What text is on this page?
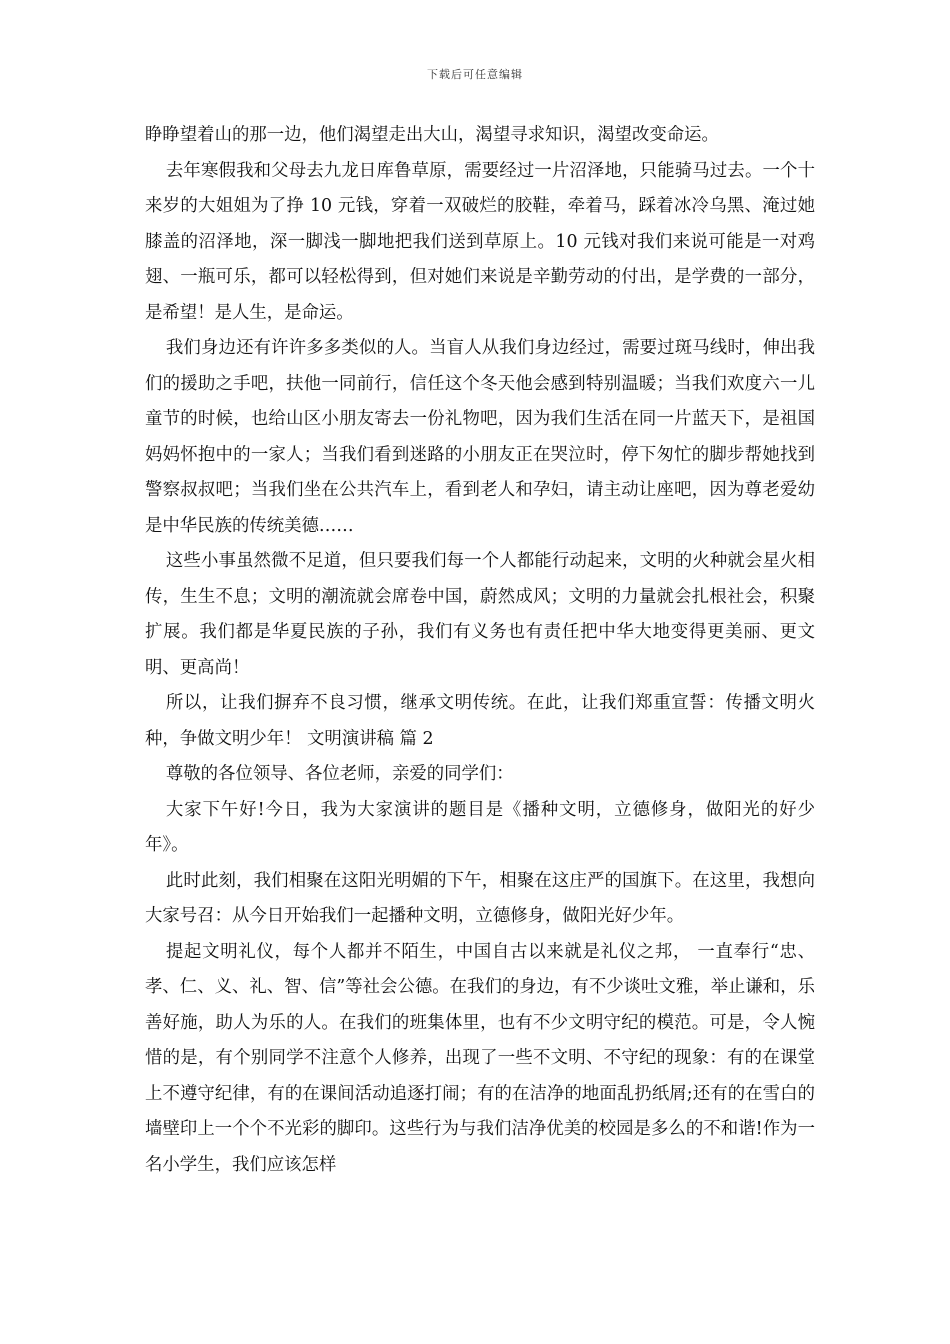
下载后可任意编辑

睁睁望着山的那一边，他们渴望走出大山，渴望寻求知识，渴望改变命运。

去年寒假我和父母去九龙日库鲁草原，需要经过一片沼泽地，只能骑马过去。一个十来岁的大姐姐为了挣 10 元钱，穿着一双破烂的胶鞋，牵着马，踩着冰冷乌黑、淹过她膝盖的沼泽地，深一脚浅一脚地把我们送到草原上。10 元钱对我们来说可能是一对鸡翅、一瓶可乐，都可以轻松得到，但对她们来说是辛勤劳动的付出，是学费的一部分，是希望！是人生，是命运。

我们身边还有许许多多类似的人。当盲人从我们身边经过，需要过斑马线时，伸出我们的援助之手吧，扶他一同前行，信任这个冬天他会感到特别温暖；当我们欢度六一儿童节的时候，也给山区小朋友寄去一份礼物吧，因为我们生活在同一片蓝天下，是祖国妈妈怀抱中的一家人；当我们看到迷路的小朋友正在哭泣时，停下匆忙的脚步帮她找到警察叔叔吧；当我们坐在公共汽车上，看到老人和孕妇，请主动让座吧，因为尊老爱幼是中华民族的传统美德……

这些小事虽然微不足道，但只要我们每一个人都能行动起来，文明的火种就会星火相传，生生不息；文明的潮流就会席卷中国，蔚然成风；文明的力量就会扎根社会，积聚扩展。我们都是华夏民族的子孙，我们有义务也有责任把中华大地变得更美丽、更文明、更高尚！

所以，让我们摒弃不良习惯，继承文明传统。在此，让我们郑重宣誓：传播文明火种，争做文明少年！ 文明演讲稿 篇 2

尊敬的各位领导、各位老师，亲爱的同学们：

大家下午好!今日，我为大家演讲的题目是《播种文明，立德修身，做阳光的好少年》。

此时此刻，我们相聚在这阳光明媚的下午，相聚在这庄严的国旗下。在这里，我想向大家号召：从今日开始我们一起播种文明，立德修身，做阳光好少年。

提起文明礼仪，每个人都并不陌生，中国自古以来就是礼仪之邦， 一直奉行“忠、孝、仁、义、礼、智、信”等社会公德。在我们的身边，有不少谈吐文雅，举止谦和，乐善好施，助人为乐的人。在我们的班集体里，也有不少文明守纪的模范。可是，令人惋惜的是，有个别同学不注意个人修养，出现了一些不文明、不守纪的现象：有的在课堂上不遵守纪律，有的在课间活动追逐打闹；有的在洁净的地面乱扔纸屑;还有的在雪白的墙壁印上一个个不光彩的脚印。这些行为与我们洁净优美的校园是多么的不和谐!作为一名小学生，我们应该怎样
